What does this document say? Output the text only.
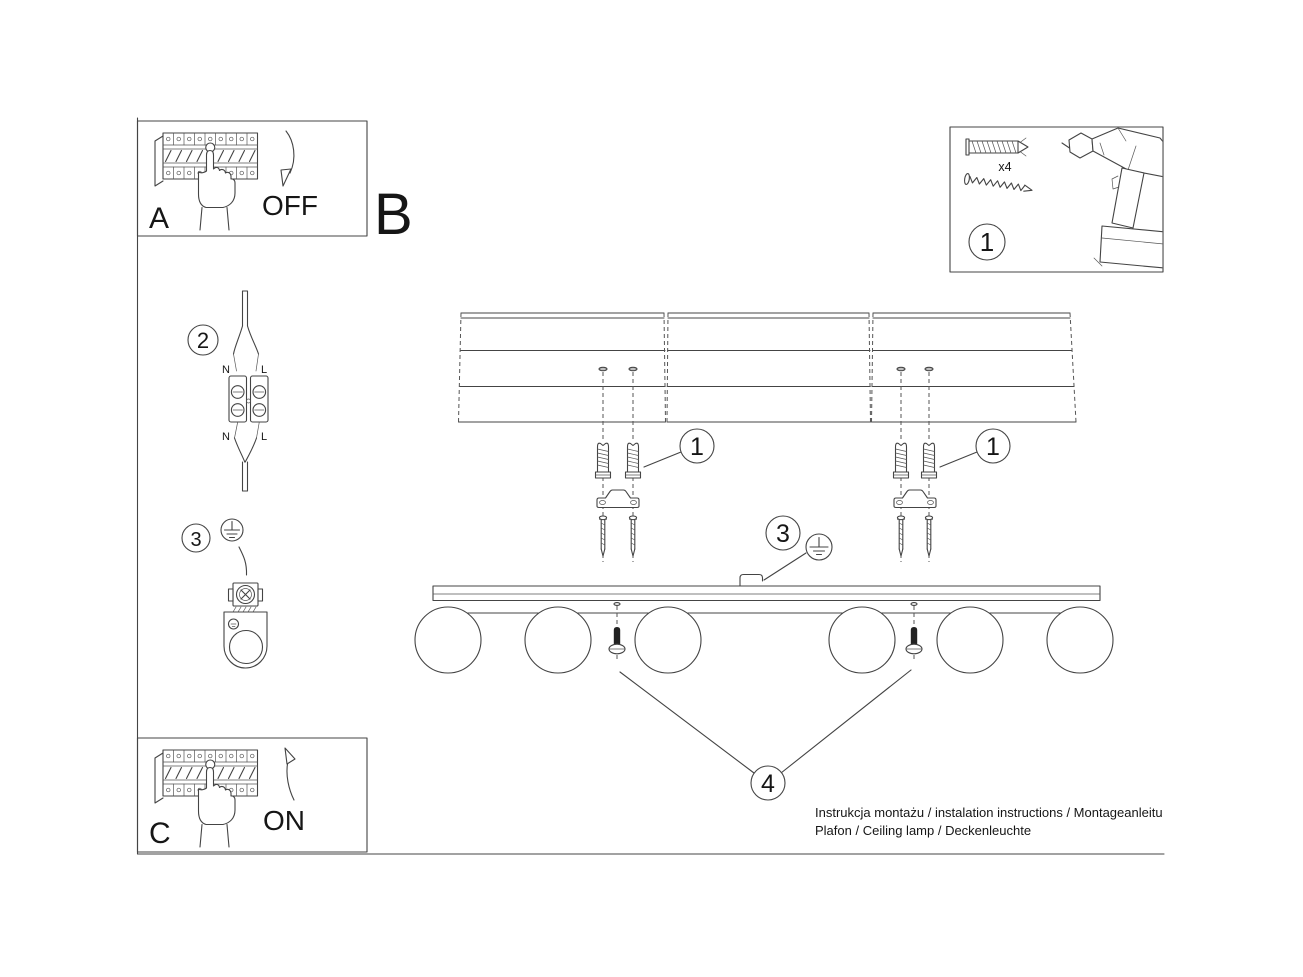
A	OFF B
x4
1
2
N	L
N	L
3
1	1
3
4
Instrukcja montażu / instalation instructions / Montageanleitu
Plafon / Ceiling lamp / Deckenleuchte
C	ON
